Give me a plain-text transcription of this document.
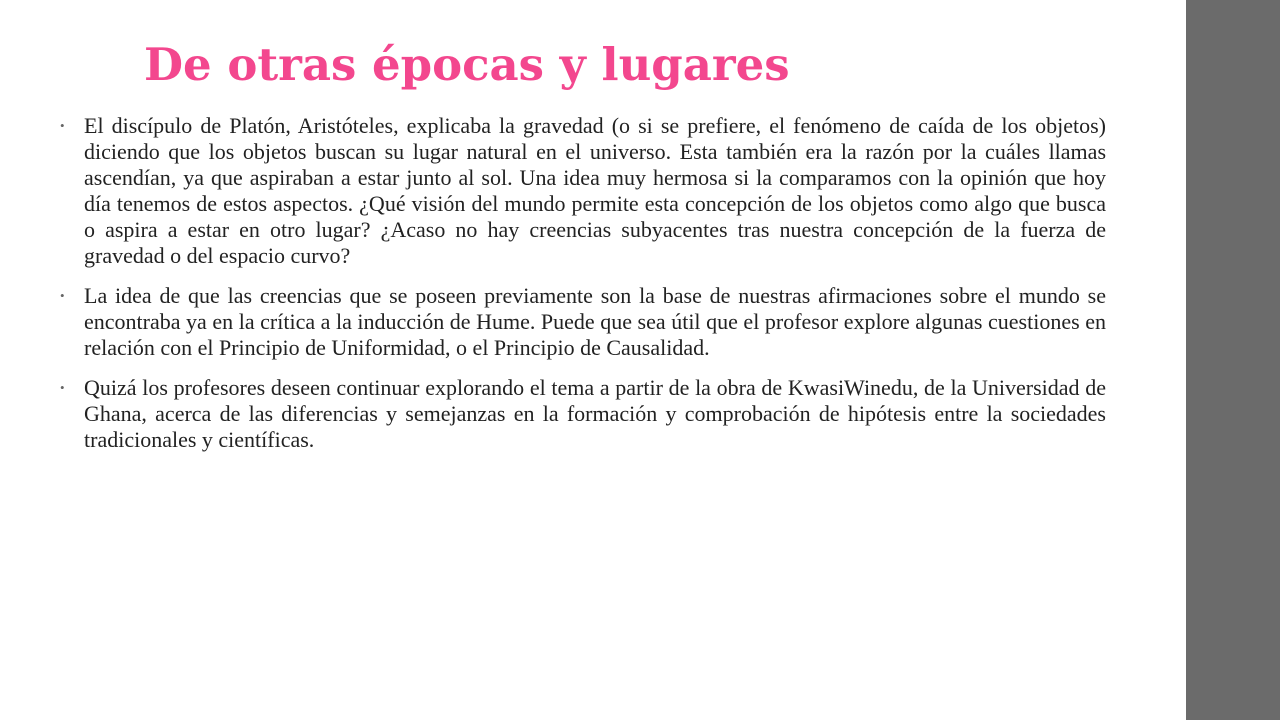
De otras épocas y lugares
• El discípulo de Platón, Aristóteles, explicaba la gravedad (o si se prefiere, el fenómeno de caída de los objetos) diciendo que los objetos buscan su lugar natural en el universo. Esta también era la razón por la cuáles llamas ascendían, ya que aspiraban a estar junto al sol. Una idea muy hermosa si la comparamos con la opinión que hoy día tenemos de estos aspectos. ¿Qué visión del mundo permite esta concepción de los objetos como algo que busca o aspira a estar en otro lugar? ¿Acaso no hay creencias subyacentes tras nuestra concepción de la fuerza de gravedad o del espacio curvo?
• La idea de que las creencias que se poseen previamente son la base de nuestras afirmaciones sobre el mundo se encontraba ya en la crítica a la inducción de Hume. Puede que sea útil que el profesor explore algunas cuestiones en relación con el Principio de Uniformidad, o el Principio de Causalidad.
• Quizá los profesores deseen continuar explorando el tema a partir de la obra de KwasiWinedu, de la Universidad de Ghana, acerca de las diferencias y semejanzas en la formación y comprobación de hipótesis entre la sociedades tradicionales y científicas.
